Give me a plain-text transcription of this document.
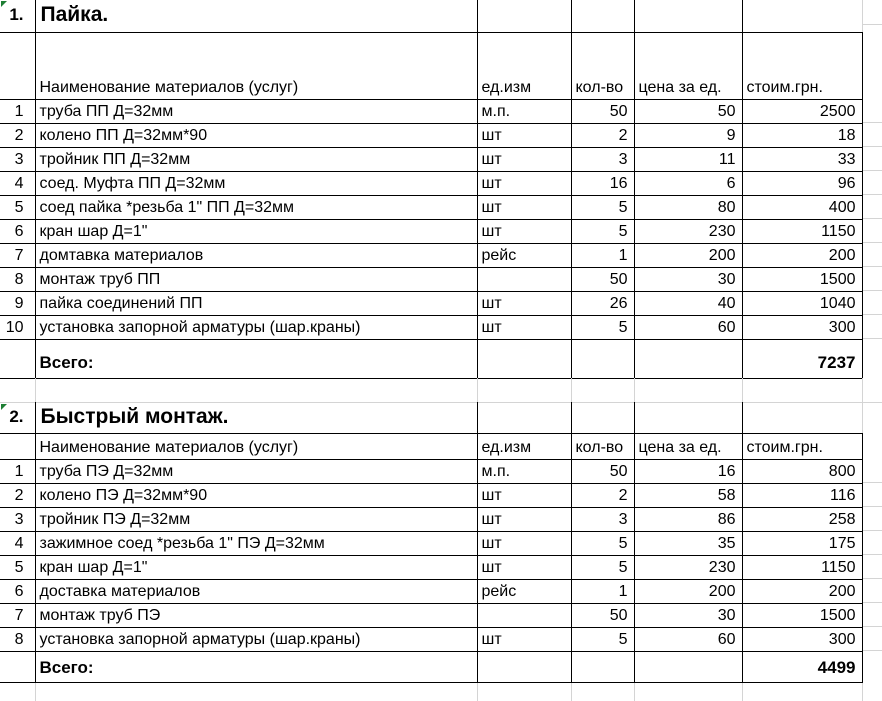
1.	Пайка.				
	Наименование материалов (услуг)	ед.изм	кол-во	цена за ед.	стоим.грн.
1	труба ПП Д=32мм	м.п.	50	50	2500
2	колено ПП Д=32мм*90	шт	2	9	18
3	тройник ПП Д=32мм	шт	3	11	33
4	соед. Муфта ПП Д=32мм	шт	16	6	96
5	соед пайка *резьба 1" ПП Д=32мм	шт	5	80	400
6	кран шар Д=1"	шт	5	230	1150
7	домтавка материалов	рейс	1	200	200
8	монтаж труб ПП		50	30	1500
9	пайка соединений ПП	шт	26	40	1040
10	установка запорной арматуры (шар.краны)	шт	5	60	300
	Всего:				7237
2.	Быстрый монтаж.				
	Наименование материалов (услуг)	ед.изм	кол-во	цена за ед.	стоим.грн.
1	труба ПЭ Д=32мм	м.п.	50	16	800
2	колено ПЭ Д=32мм*90	шт	2	58	116
3	тройник ПЭ Д=32мм	шт	3	86	258
4	зажимное соед *резьба 1" ПЭ Д=32мм	шт	5	35	175
5	кран шар Д=1"	шт	5	230	1150
6	доставка материалов	рейс	1	200	200
7	монтаж труб ПЭ		50	30	1500
8	установка запорной арматуры (шар.краны)	шт	5	60	300
	Всего:				4499
